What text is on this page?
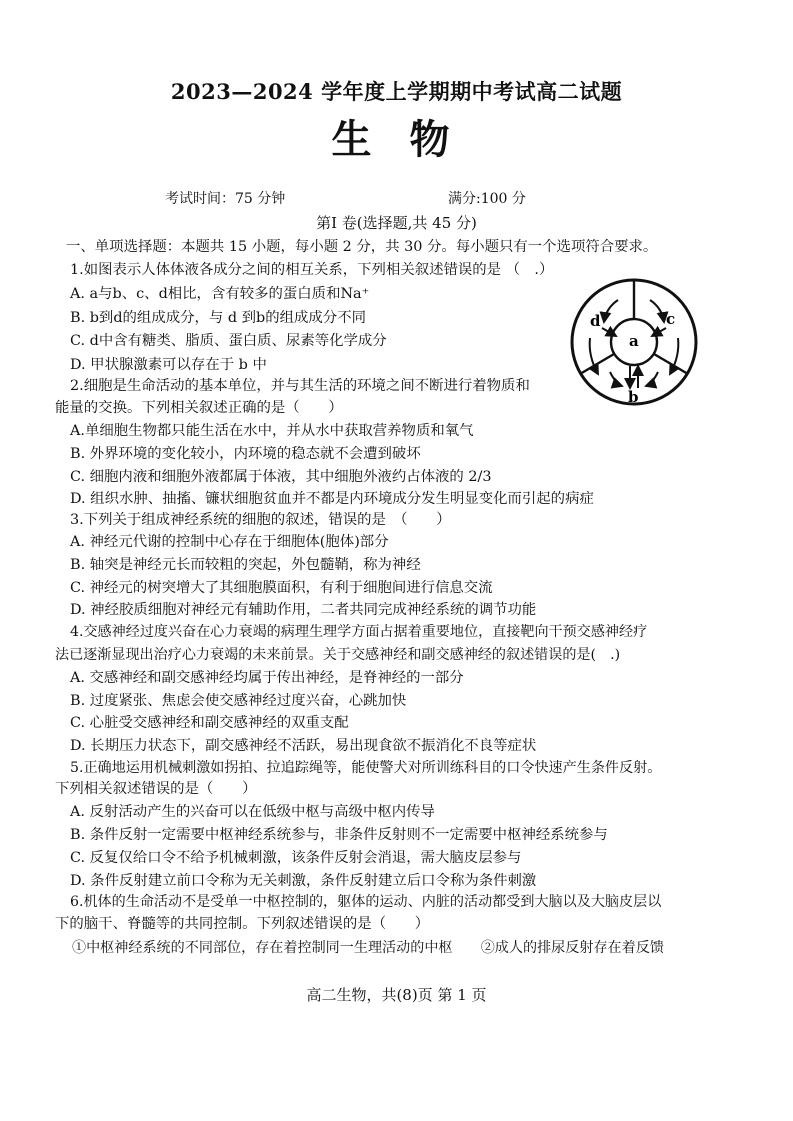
2023—2024 学年度上学期期中考试高二试题
生 物
考试时间：75 分钟	满分:100 分
第Ⅰ 卷(选择题,共 45 分)
一、单项选择题：本题共 15 小题，每小题 2 分，共 30 分。每小题只有一个选项符合要求。
d
a
c
b
1.如图表示人体体液各成分之间的相互关系，下列相关叙述错误的是 （　.）
A. a与b、c、d相比，含有较多的蛋白质和Na⁺
B. b到d的组成成分，与 d 到b的组成成分不同
C. d中含有糖类、脂质、蛋白质、尿素等化学成分
D. 甲状腺激素可以存在于 b 中
2.细胞是生命活动的基本单位，并与其生活的环境之间不断进行着物质和
能量的交换。下列相关叙述正确的是（　　）
A.单细胞生物都只能生活在水中，并从水中获取营养物质和氧气
B. 外界环境的变化较小，内环境的稳态就不会遭到破坏
C. 细胞内液和细胞外液都属于体液，其中细胞外液约占体液的 2/3
D. 组织水肿、抽搐、镰状细胞贫血并不都是内环境成分发生明显变化而引起的病症
3.下列关于组成神经系统的细胞的叙述，错误的是　（　　）
A. 神经元代谢的控制中心存在于细胞体(胞体)部分
B. 轴突是神经元长而较粗的突起，外包髓鞘，称为神经
C. 神经元的树突增大了其细胞膜面积，有利于细胞间进行信息交流
D. 神经胶质细胞对神经元有辅助作用，二者共同完成神经系统的调节功能
4.交感神经过度兴奋在心力衰竭的病理生理学方面占据着重要地位，直接靶向干预交感神经疗
法已逐渐显现出治疗心力衰竭的未来前景。关于交感神经和副交感神经的叙述错误的是(　.)
A. 交感神经和副交感神经均属于传出神经，是脊神经的一部分
B. 过度紧张、焦虑会使交感神经过度兴奋，心跳加快
C. 心脏受交感神经和副交感神经的双重支配
D. 长期压力状态下，副交感神经不活跃，易出现食欲不振消化不良等症状
5.正确地运用机械刺激如拐拍、拉追踪绳等，能使警犬对所训练科目的口令快速产生条件反射。
下列相关叙述错误的是（　　）
A. 反射活动产生的兴奋可以在低级中枢与高级中枢内传导
B. 条件反射一定需要中枢神经系统参与，非条件反射则不一定需要中枢神经系统参与
C. 反复仅给口令不给予机械刺激，该条件反射会消退，需大脑皮层参与
D. 条件反射建立前口令称为无关刺激，条件反射建立后口令称为条件刺激
6.机体的生命活动不是受单一中枢控制的，躯体的运动、内脏的活动都受到大脑以及大脑皮层以
下的脑干、脊髓等的共同控制。下列叙述错误的是（　　）
①中枢神经系统的不同部位，存在着控制同一生理活动的中枢　　②成人的排尿反射存在着反馈
高二生物，共(8)页 第 1 页
